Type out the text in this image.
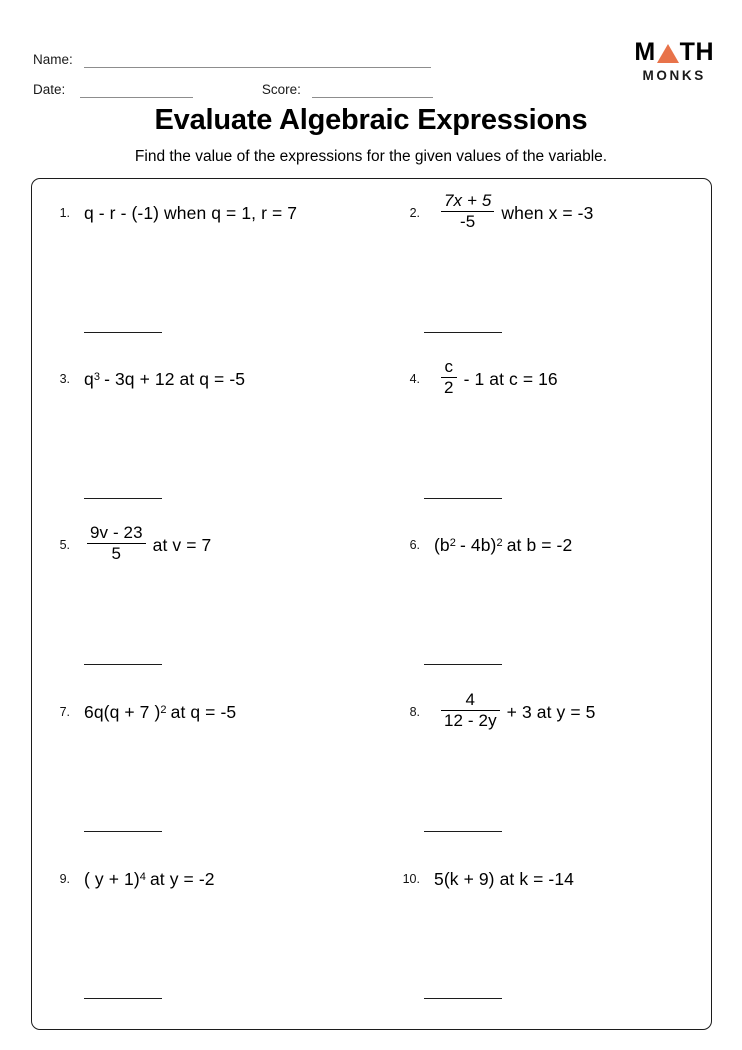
Name:
Date:	Score:
M TH
MONKS
Evaluate Algebraic Expressions
Find the value of the expressions for the given values of the variable.
1. q - r - (-1) when q = 1, r = 7	2. $\frac{7x + 5}{-5}$ when x = -3
3. $q^3 - 3q + 12$ at q = -5	4. $\frac{c}{2} - 1$ at c = 16
5. $\frac{9v - 23}{5}$ at v = 7	6. $(b^2 - 4b)^2$ at b = -2
7. 6q(q + 7 )$^2$ at q = -5	8. $\frac{4}{12 - 2y} + 3$ at y = 5
9. ( y + 1)$^4$ at y = -2	10. 5(k + 9) at k = -14
